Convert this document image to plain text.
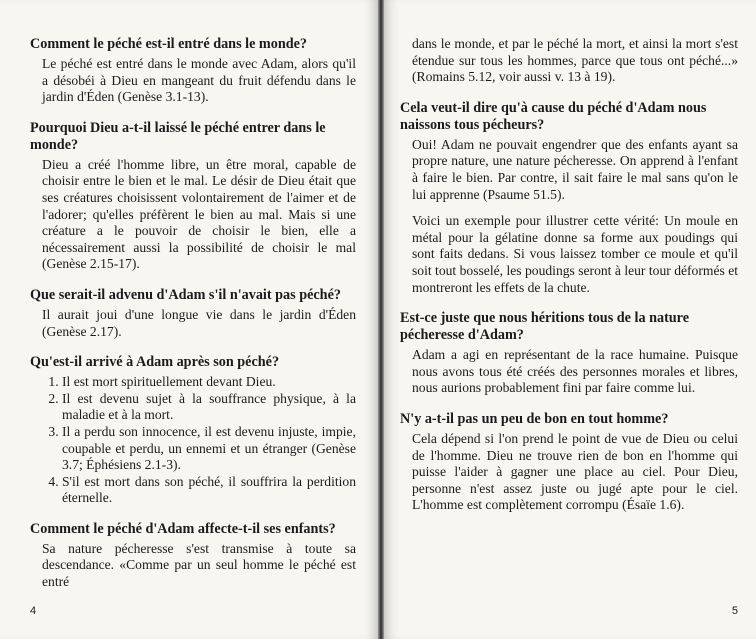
Comment le péché est-il entré dans le monde?

Le péché est entré dans le monde avec Adam, alors qu'il a désobéi à Dieu en mangeant du fruit défendu dans le jardin d'Éden (Genèse 3.1-13).

Pourquoi Dieu a-t-il laissé le péché entrer dans le monde?

Dieu a créé l'homme libre, un être moral, capable de choisir entre le bien et le mal. Le désir de Dieu était que ses créatures choisissent volontairement de l'aimer et de l'adorer; qu'elles préfèrent le bien au mal. Mais si une créature a le pouvoir de choisir le bien, elle a nécessairement aussi la possibilité de choisir le mal (Genèse 2.15-17).

Que serait-il advenu d'Adam s'il n'avait pas péché?

Il aurait joui d'une longue vie dans le jardin d'Éden (Genèse 2.17).

Qu'est-il arrivé à Adam après son péché?

1. Il est mort spirituellement devant Dieu.
2. Il est devenu sujet à la souffrance physique, à la maladie et à la mort.
3. Il a perdu son innocence, il est devenu injuste, impie, coupable et perdu, un ennemi et un étranger (Genèse 3.7; Éphésiens 2.1-3).
4. S'il est mort dans son péché, il souffrira la perdition éternelle.

Comment le péché d'Adam affecte-t-il ses enfants?

Sa nature pécheresse s'est transmise à toute sa descendance. «Comme par un seul homme le péché est entré

4

dans le monde, et par le péché la mort, et ainsi la mort s'est étendue sur tous les hommes, parce que tous ont péché...» (Romains 5.12, voir aussi v. 13 à 19).

Cela veut-il dire qu'à cause du péché d'Adam nous naissons tous pécheurs?

Oui! Adam ne pouvait engendrer que des enfants ayant sa propre nature, une nature pécheresse. On apprend à l'enfant à faire le bien. Par contre, il sait faire le mal sans qu'on le lui apprenne (Psaume 51.5).

Voici un exemple pour illustrer cette vérité: Un moule en métal pour la gélatine donne sa forme aux poudings qui sont faits dedans. Si vous laissez tomber ce moule et qu'il soit tout bosselé, les poudings seront à leur tour déformés et montreront les effets de la chute.

Est-ce juste que nous héritions tous de la nature pécheresse d'Adam?

Adam a agi en représentant de la race humaine. Puisque nous avons tous été créés des personnes morales et libres, nous aurions probablement fini par faire comme lui.

N'y a-t-il pas un peu de bon en tout homme?

Cela dépend si l'on prend le point de vue de Dieu ou celui de l'homme. Dieu ne trouve rien de bon en l'homme qui puisse l'aider à gagner une place au ciel. Pour Dieu, personne n'est assez juste ou jugé apte pour le ciel. L'homme est complètement corrompu (Ésaïe 1.6).

5
